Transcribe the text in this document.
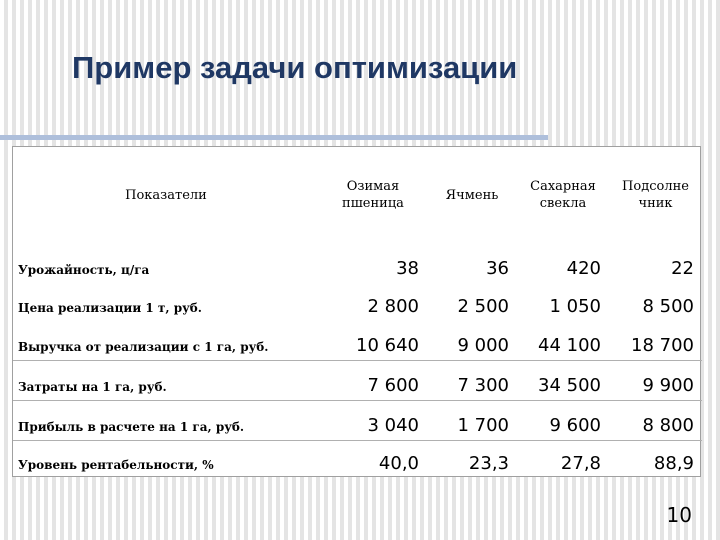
Пример задачи оптимизации
Показатели	Озимая пшеница	Ячмень	Сахарная свекла	Подсолне чник
Урожайность, ц/га	38	36	420	22
Цена реализации 1 т, руб.	2 800	2 500	1 050	8 500
Выручка от реализации с 1 га, руб.	10 640	9 000	44 100	18 700
Затраты на 1 га, руб.	7 600	7 300	34 500	9 900
Прибыль в расчете на 1 га, руб.	3 040	1 700	9 600	8 800
Уровень рентабельности, %	40,0	23,3	27,8	88,9
10
